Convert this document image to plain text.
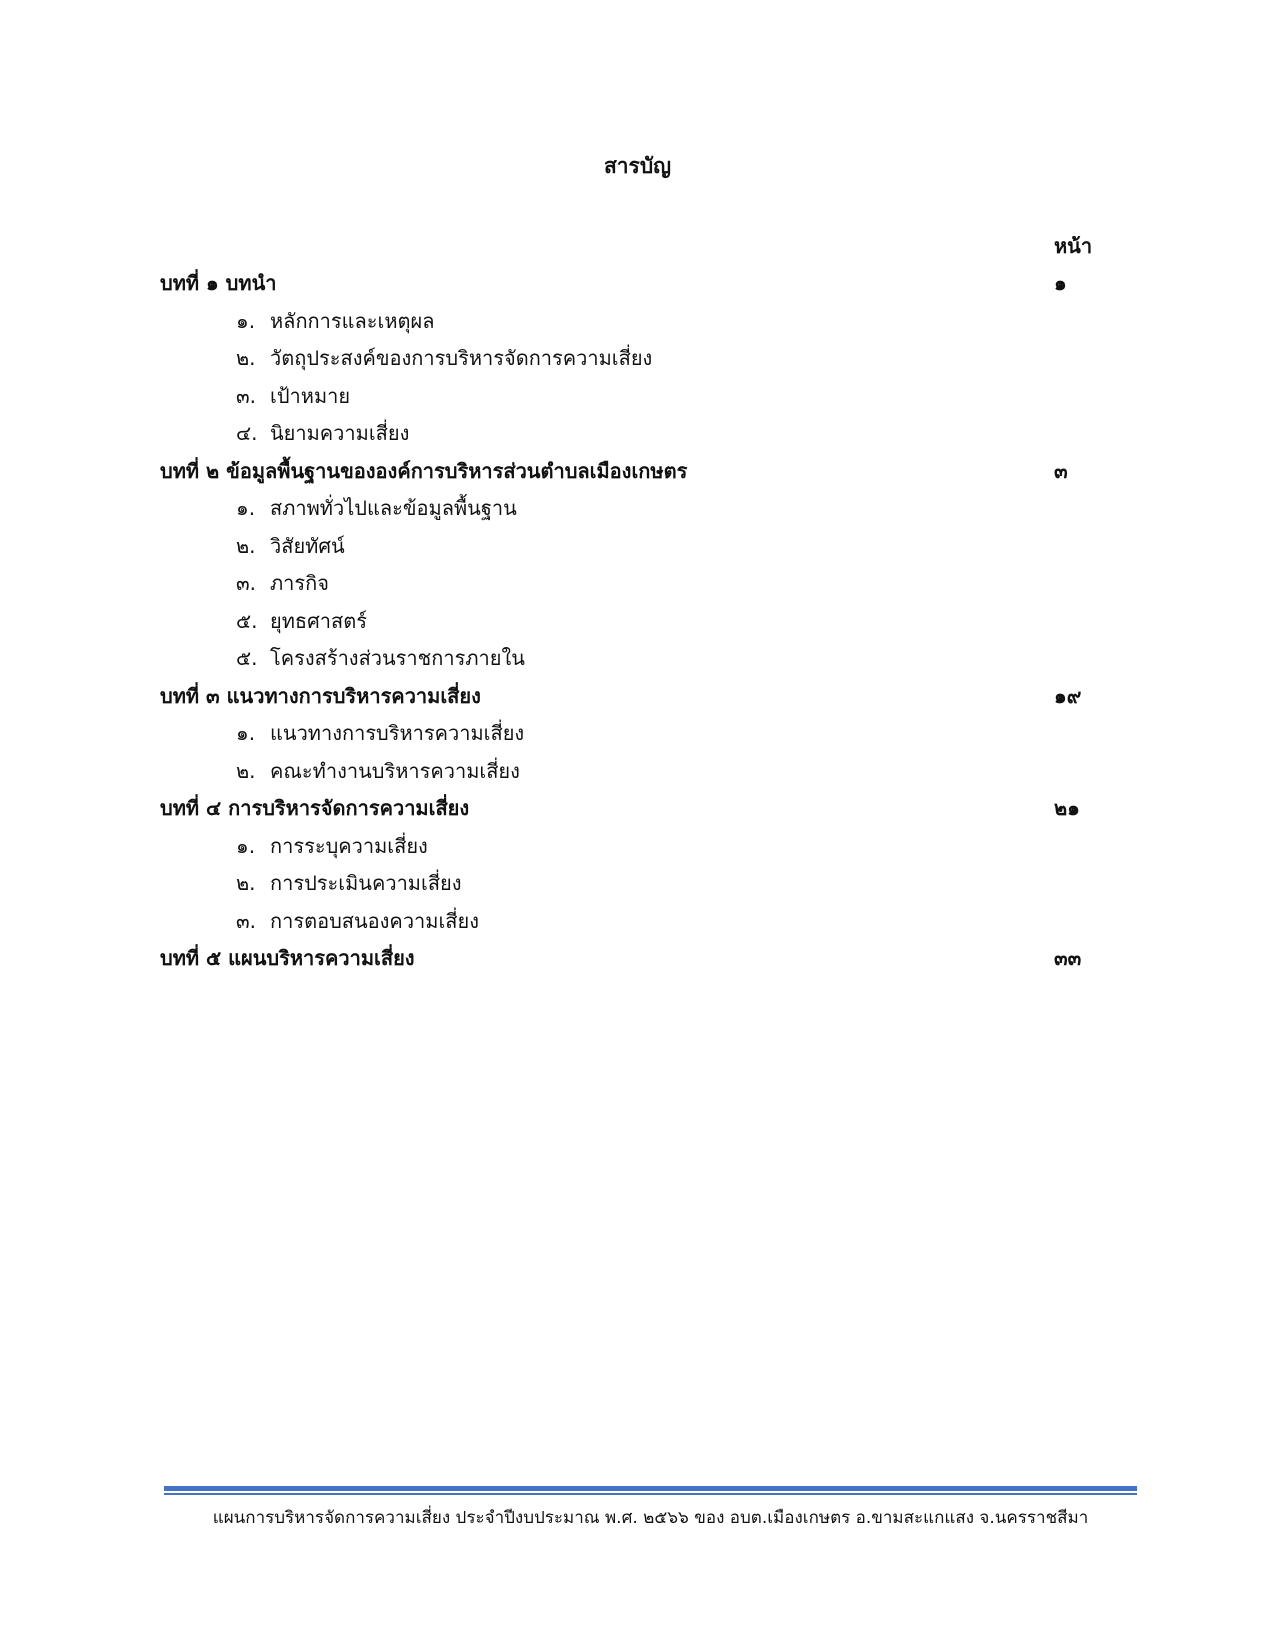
สารบัญ
หน้า
บทที่ ๑ บทนำ	๑
๑. หลักการและเหตุผล
๒. วัตถุประสงค์ของการบริหารจัดการความเสี่ยง
๓. เป้าหมาย
๔. นิยามความเสี่ยง
บทที่ ๒ ข้อมูลพื้นฐานขององค์การบริหารส่วนตำบลเมืองเกษตร	๓
๑. สภาพทั่วไปและข้อมูลพื้นฐาน
๒. วิสัยทัศน์
๓. ภารกิจ
๕. ยุทธศาสตร์
๕. โครงสร้างส่วนราชการภายใน
บทที่ ๓ แนวทางการบริหารความเสี่ยง	๑๙
๑. แนวทางการบริหารความเสี่ยง
๒. คณะทำงานบริหารความเสี่ยง
บทที่ ๔ การบริหารจัดการความเสี่ยง	๒๑
๑. การระบุความเสี่ยง
๒. การประเมินความเสี่ยง
๓. การตอบสนองความเสี่ยง
บทที่ ๕ แผนบริหารความเสี่ยง	๓๓
แผนการบริหารจัดการความเสี่ยง ประจำปีงบประมาณ พ.ศ. ๒๕๖๖ ของ อบต.เมืองเกษตร อ.ขามสะแกแสง จ.นครราชสีมา
